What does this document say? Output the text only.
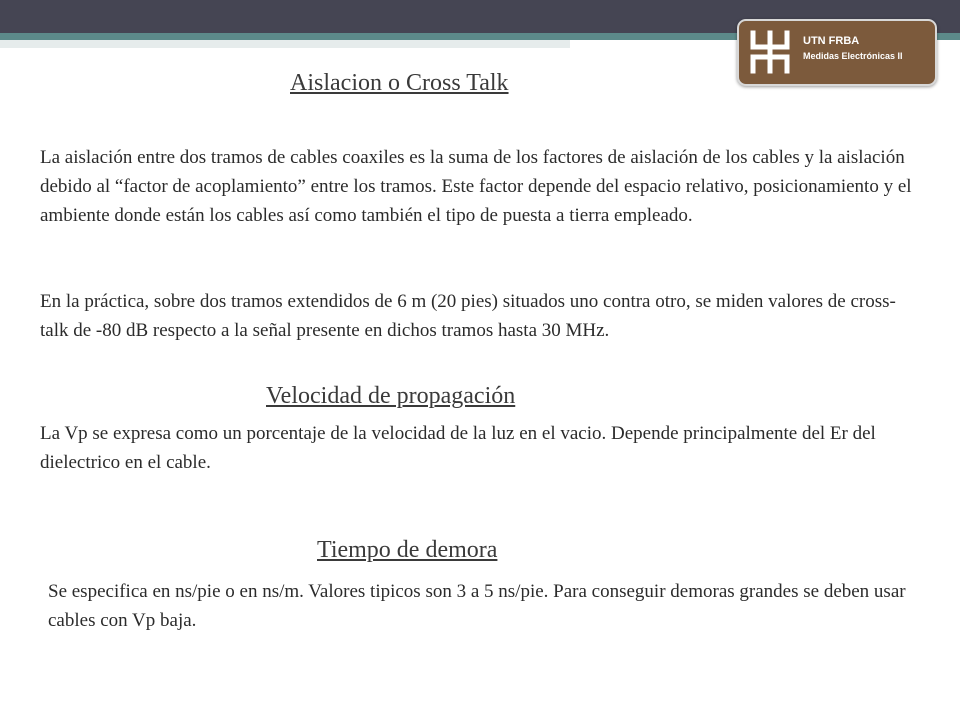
UTN FRBA
Medidas Electrónicas II
Aislacion o Cross Talk

La aislación entre dos tramos de cables coaxiles es la suma de los factores de aislación de los cables y la aislación debido al “factor de acoplamiento” entre los tramos. Este factor depende del espacio relativo, posicionamiento y el ambiente donde están los cables así como también el tipo de puesta a tierra empleado.

En la práctica, sobre dos tramos extendidos de 6 m (20 pies) situados uno contra otro, se miden valores de cross-talk de -80 dB respecto a la señal presente en dichos tramos hasta 30 MHz.

Velocidad de propagación

La Vp se expresa como un porcentaje de la velocidad de la luz en el vacio. Depende principalmente del Er del dielectrico en el cable.

Tiempo de demora

Se especifica en ns/pie o en ns/m. Valores tipicos son 3 a 5 ns/pie. Para conseguir demoras grandes se deben usar cables con Vp baja.
